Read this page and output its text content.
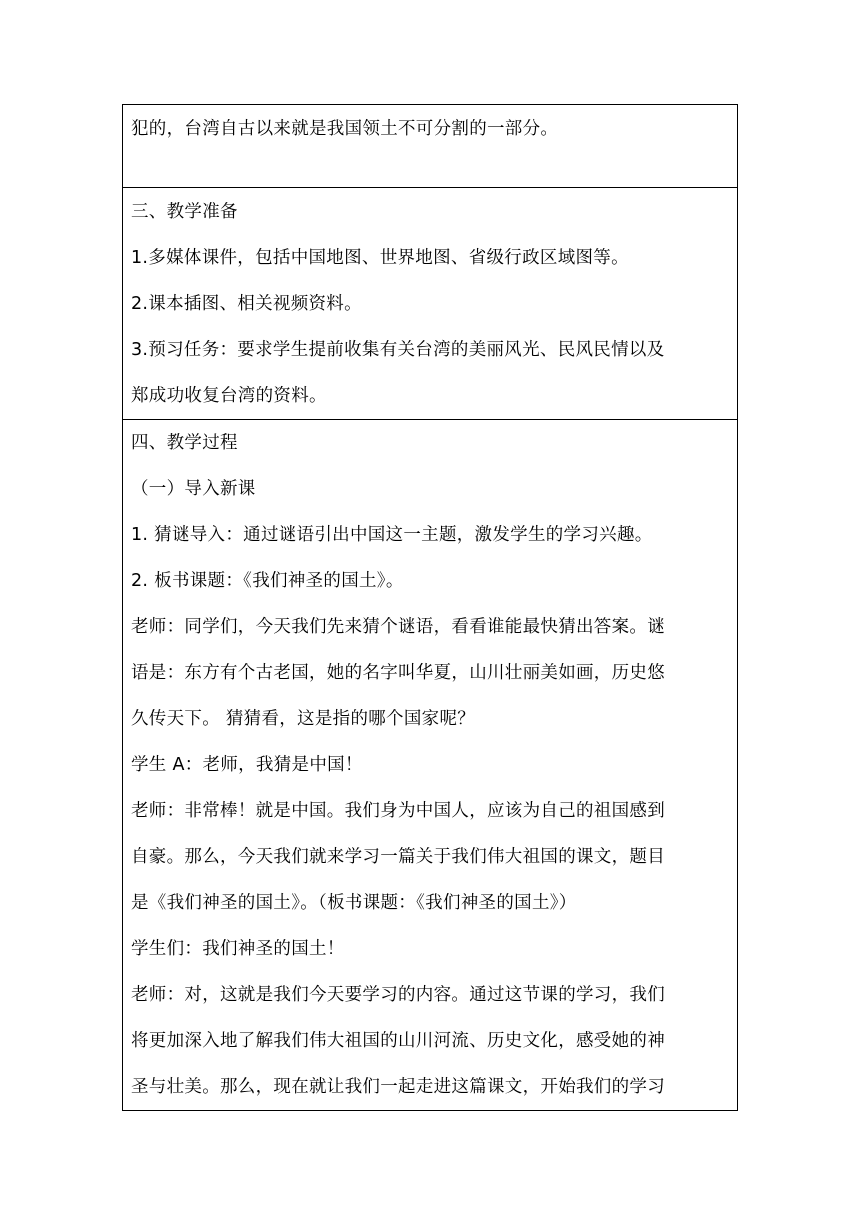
犯的，台湾自古以来就是我国领土不可分割的一部分。

三、教学准备
1.多媒体课件，包括中国地图、世界地图、省级行政区域图等。
2.课本插图、相关视频资料。
3.预习任务：要求学生提前收集有关台湾的美丽风光、民风民情以及
郑成功收复台湾的资料。

四、教学过程
（一）导入新课
1. 猜谜导入：通过谜语引出中国这一主题，激发学生的学习兴趣。
2. 板书课题：《我们神圣的国土》。
老师：同学们，今天我们先来猜个谜语，看看谁能最快猜出答案。谜
语是：东方有个古老国，她的名字叫华夏，山川壮丽美如画，历史悠
久传天下。 猜猜看，这是指的哪个国家呢？
学生 A：老师，我猜是中国！
老师：非常棒！就是中国。我们身为中国人，应该为自己的祖国感到
自豪。那么，今天我们就来学习一篇关于我们伟大祖国的课文，题目
是《我们神圣的国土》。（板书课题：《我们神圣的国土》）
学生们：我们神圣的国土！
老师：对，这就是我们今天要学习的内容。通过这节课的学习，我们
将更加深入地了解我们伟大祖国的山川河流、历史文化，感受她的神
圣与壮美。那么，现在就让我们一起走进这篇课文，开始我们的学习
